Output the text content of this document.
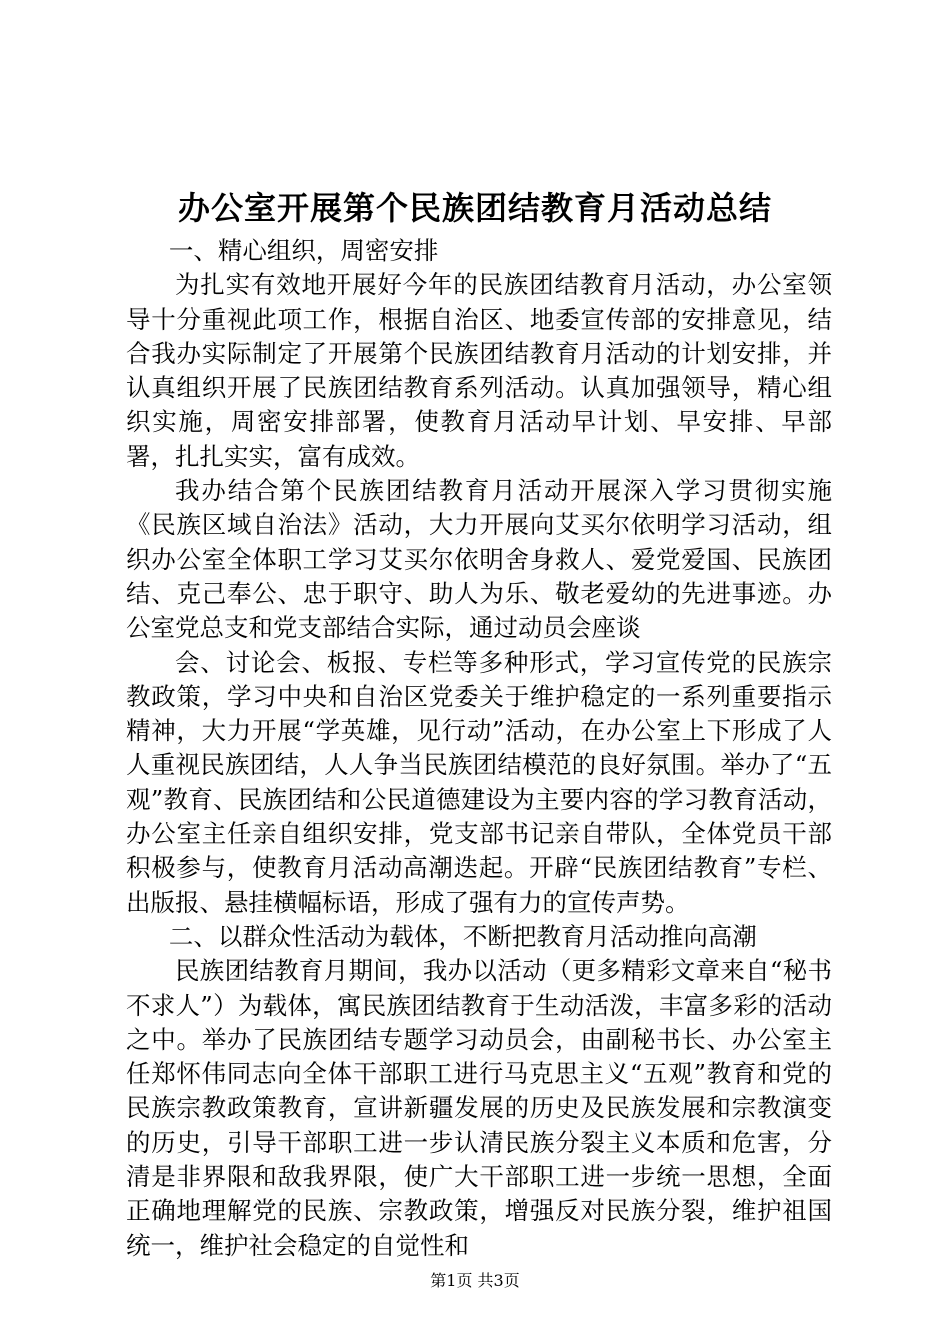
办公室开展第个民族团结教育月活动总结

一、精心组织，周密安排

为扎实有效地开展好今年的民族团结教育月活动，办公室领导十分重视此项工作，根据自治区、地委宣传部的安排意见，结合我办实际制定了开展第个民族团结教育月活动的计划安排，并认真组织开展了民族团结教育系列活动。认真加强领导，精心组织实施，周密安排部署，使教育月活动早计划、早安排、早部署，扎扎实实，富有成效。

我办结合第个民族团结教育月活动开展深入学习贯彻实施《民族区域自治法》活动，大力开展向艾买尔依明学习活动，组织办公室全体职工学习艾买尔依明舍身救人、爱党爱国、民族团结、克己奉公、忠于职守、助人为乐、敬老爱幼的先进事迹。办公室党总支和党支部结合实际，通过动员会座谈

会、讨论会、板报、专栏等多种形式，学习宣传党的民族宗教政策，学习中央和自治区党委关于维护稳定的一系列重要指示精神，大力开展“学英雄，见行动”活动，在办公室上下形成了人人重视民族团结，人人争当民族团结模范的良好氛围。举办了“五观”教育、民族团结和公民道德建设为主要内容的学习教育活动，办公室主任亲自组织安排，党支部书记亲自带队，全体党员干部积极参与，使教育月活动高潮迭起。开辟“民族团结教育”专栏、出版报、悬挂横幅标语，形成了强有力的宣传声势。

二、以群众性活动为载体，不断把教育月活动推向高潮

民族团结教育月期间，我办以活动（更多精彩文章来自“秘书不求人”）为载体，寓民族团结教育于生动活泼，丰富多彩的活动之中。举办了民族团结专题学习动员会，由副秘书长、办公室主任郑怀伟同志向全体干部职工进行马克思主义“五观”教育和党的民族宗教政策教育，宣讲新疆发展的历史及民族发展和宗教演变的历史，引导干部职工进一步认清民族分裂主义本质和危害，分清是非界限和敌我界限，使广大干部职工进一步统一思想，全面正确地理解党的民族、宗教政策，增强反对民族分裂，维护祖国统一，维护社会稳定的自觉性和

第1页 共3页
